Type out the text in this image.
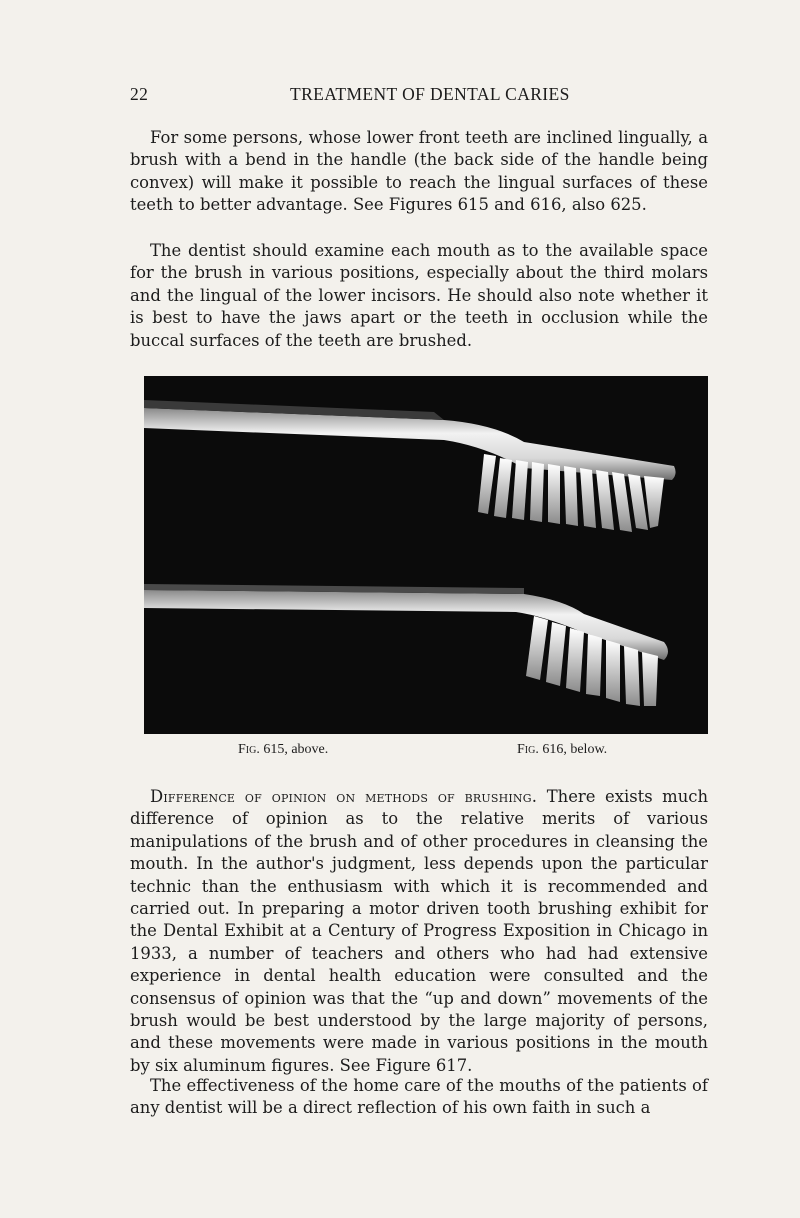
22	TREATMENT OF DENTAL CARIES

For some persons, whose lower front teeth are inclined lingually, a brush with a bend in the handle (the back side of the handle being convex) will make it possible to reach the lingual surfaces of these teeth to better advantage. See Figures 615 and 616, also 625.

The dentist should examine each mouth as to the available space for the brush in various positions, especially about the third molars and the lingual of the lower incisors. He should also note whether it is best to have the jaws apart or the teeth in occlusion while the buccal surfaces of the teeth are brushed.

Fig. 615, above.	Fig. 616, below.

Difference of opinion on methods of brushing. There exists much difference of opinion as to the relative merits of various manipulations of the brush and of other procedures in cleansing the mouth. In the author's judgment, less depends upon the particular technic than the enthusiasm with which it is recommended and carried out. In preparing a motor driven tooth brushing exhibit for the Dental Exhibit at a Century of Progress Exposition in Chicago in 1933, a number of teachers and others who had had extensive experience in dental health education were consulted and the consensus of opinion was that the “up and down” movements of the brush would be best understood by the large majority of persons, and these movements were made in various positions in the mouth by six aluminum figures. See Figure 617.

The effectiveness of the home care of the mouths of the patients of any dentist will be a direct reflection of his own faith in such a
